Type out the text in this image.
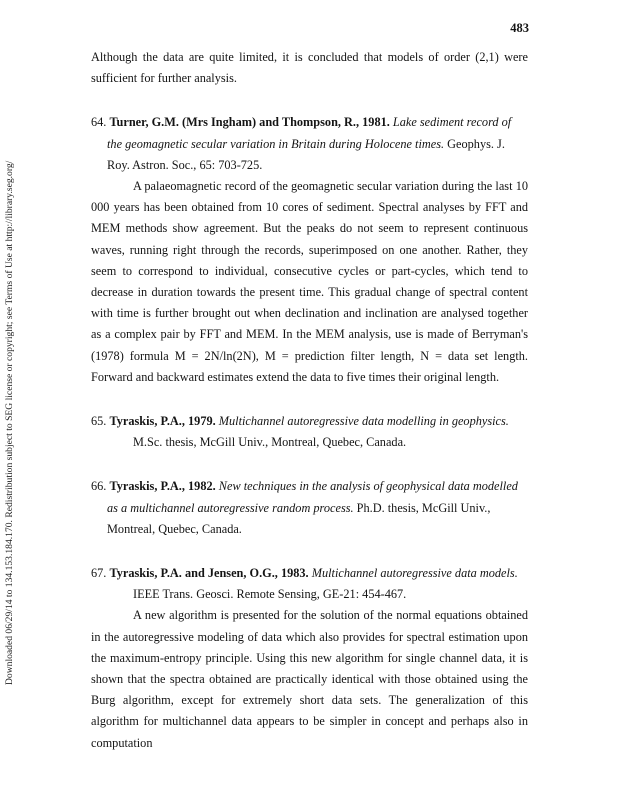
483
Downloaded 06/29/14 to 134.153.184.170. Redistribution subject to SEG license or copyright; see Terms of Use at http://library.seg.org/

Although the data are quite limited, it is concluded that models of order (2,1) were sufficient for further analysis.

64. Turner, G.M. (Mrs Ingham) and Thompson, R., 1981. Lake sediment record of the geomagnetic secular variation in Britain during Holocene times. Geophys. J. Roy. Astron. Soc., 65: 703-725.

A palaeomagnetic record of the geomagnetic secular variation during the last 10 000 years has been obtained from 10 cores of sediment. Spectral analyses by FFT and MEM methods show agreement. But the peaks do not seem to represent continuous waves, running right through the records, superimposed on one another. Rather, they seem to correspond to individual, consecutive cycles or part-cycles, which tend to decrease in duration towards the present time. This gradual change of spectral content with time is further brought out when declination and inclination are analysed together as a complex pair by FFT and MEM. In the MEM analysis, use is made of Berryman's (1978) formula M = 2N/ln(2N), M = prediction filter length, N = data set length. Forward and backward estimates extend the data to five times their original length.

65. Tyraskis, P.A., 1979. Multichannel autoregressive data modelling in geophysics.

M.Sc. thesis, McGill Univ., Montreal, Quebec, Canada.

66. Tyraskis, P.A., 1982. New techniques in the analysis of geophysical data modelled as a multichannel autoregressive random process. Ph.D. thesis, McGill Univ., Montreal, Quebec, Canada.

67. Tyraskis, P.A. and Jensen, O.G., 1983. Multichannel autoregressive data models.

IEEE Trans. Geosci. Remote Sensing, GE-21: 454-467.

A new algorithm is presented for the solution of the normal equations obtained in the autoregressive modeling of data which also provides for spectral estimation upon the maximum-entropy principle. Using this new algorithm for single channel data, it is shown that the spectra obtained are practically identical with those obtained using the Burg algorithm, except for extremely short data sets. The generalization of this algorithm for multichannel data appears to be simpler in concept and perhaps also in computation
